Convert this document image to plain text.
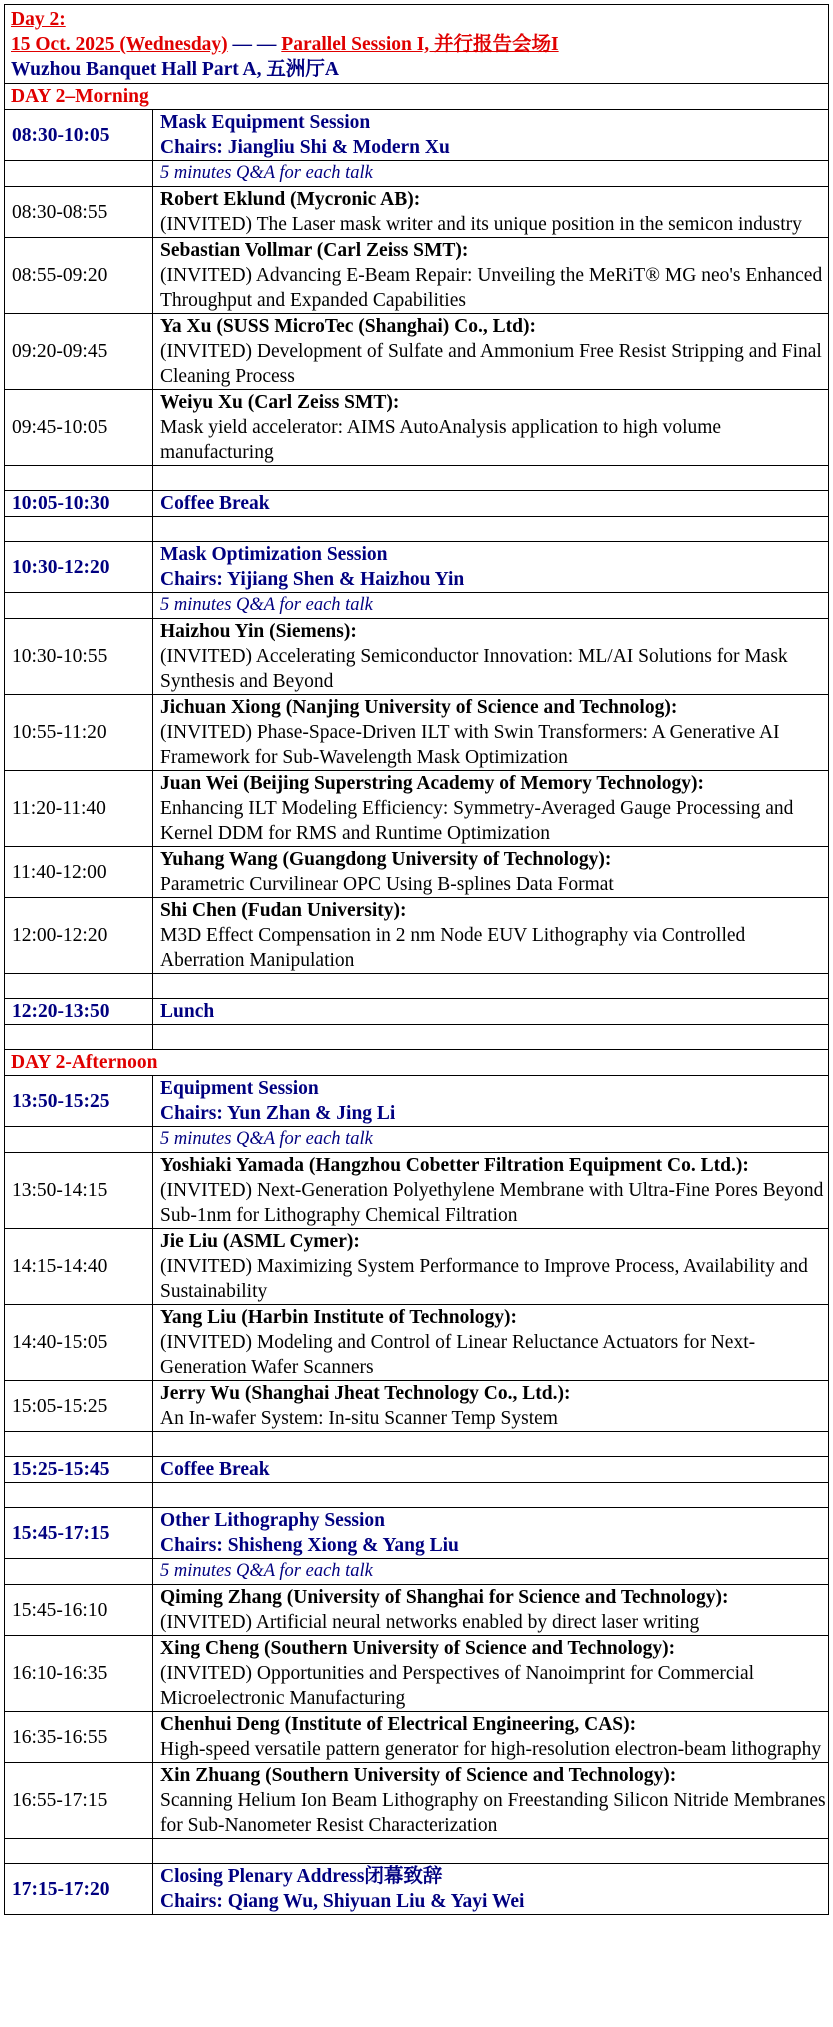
Day 2:
15 Oct. 2025 (Wednesday) — — Parallel Session I, 并行报告会场I
Wuzhou Banquet Hall Part A, 五洲厅A	

DAY 2–Morning	
08:30-10:05	Mask Equipment Session
Chairs: Jiangliu Shi & Modern Xu

	5 minutes Q&A for each talk
08:30-08:55	Robert Eklund (Mycronic AB):
(INVITED) The Laser mask writer and its unique position in the semicon industry

08:55-09:20	Sebastian Vollmar (Carl Zeiss SMT):
(INVITED) Advancing E-Beam Repair: Unveiling the MeRiT® MG neo's Enhanced Throughput and Expanded Capabilities

09:20-09:45	Ya Xu (SUSS MicroTec (Shanghai) Co., Ltd):
(INVITED) Development of Sulfate and Ammonium Free Resist Stripping and Final Cleaning Process

09:45-10:05	Weiyu Xu (Carl Zeiss SMT):
Mask yield accelerator: AIMS AutoAnalysis application to high volume manufacturing

10:05-10:30	Coffee Break

10:30-12:20	Mask Optimization Session
Chairs: Yijiang Shen & Haizhou Yin

	5 minutes Q&A for each talk
10:30-10:55	Haizhou Yin (Siemens):
(INVITED) Accelerating Semiconductor Innovation: ML/AI Solutions for Mask Synthesis and Beyond

10:55-11:20	Jichuan Xiong (Nanjing University of Science and Technolog):
(INVITED) Phase-Space-Driven ILT with Swin Transformers: A Generative AI Framework for Sub-Wavelength Mask Optimization

11:20-11:40	Juan Wei (Beijing Superstring Academy of Memory Technology):
Enhancing ILT Modeling Efficiency: Symmetry-Averaged Gauge Processing and Kernel DDM for RMS and Runtime Optimization

11:40-12:00	Yuhang Wang (Guangdong University of Technology):
Parametric Curvilinear OPC Using B-splines Data Format

12:00-12:20	Shi Chen (Fudan University):
M3D Effect Compensation in 2 nm Node EUV Lithography via Controlled Aberration Manipulation

12:20-13:50	Lunch

DAY 2-Afternoon	
13:50-15:25	Equipment Session
Chairs: Yun Zhan & Jing Li

	5 minutes Q&A for each talk
13:50-14:15	Yoshiaki Yamada (Hangzhou Cobetter Filtration Equipment Co. Ltd.):
(INVITED) Next-Generation Polyethylene Membrane with Ultra-Fine Pores Beyond Sub-1nm for Lithography Chemical Filtration

14:15-14:40	Jie Liu (ASML Cymer):
(INVITED) Maximizing System Performance to Improve Process, Availability and Sustainability

14:40-15:05	Yang Liu (Harbin Institute of Technology):
(INVITED) Modeling and Control of Linear Reluctance Actuators for Next-Generation Wafer Scanners

15:05-15:25	Jerry Wu (Shanghai Jheat Technology Co., Ltd.):
An In-wafer System: In-situ Scanner Temp System

15:25-15:45	Coffee Break

15:45-17:15	Other Lithography Session
Chairs: Shisheng Xiong & Yang Liu

	5 minutes Q&A for each talk
15:45-16:10	Qiming Zhang (University of Shanghai for Science and Technology):
(INVITED) Artificial neural networks enabled by direct laser writing

16:10-16:35	Xing Cheng (Southern University of Science and Technology):
(INVITED) Opportunities and Perspectives of Nanoimprint for Commercial Microelectronic Manufacturing

16:35-16:55	Chenhui Deng (Institute of Electrical Engineering, CAS):
High-speed versatile pattern generator for high-resolution electron-beam lithography

16:55-17:15	Xin Zhuang (Southern University of Science and Technology):
Scanning Helium Ion Beam Lithography on Freestanding Silicon Nitride Membranes for Sub-Nanometer Resist Characterization

17:15-17:20	Closing Plenary Address闭幕致辞
Chairs: Qiang Wu, Shiyuan Liu & Yayi Wei
